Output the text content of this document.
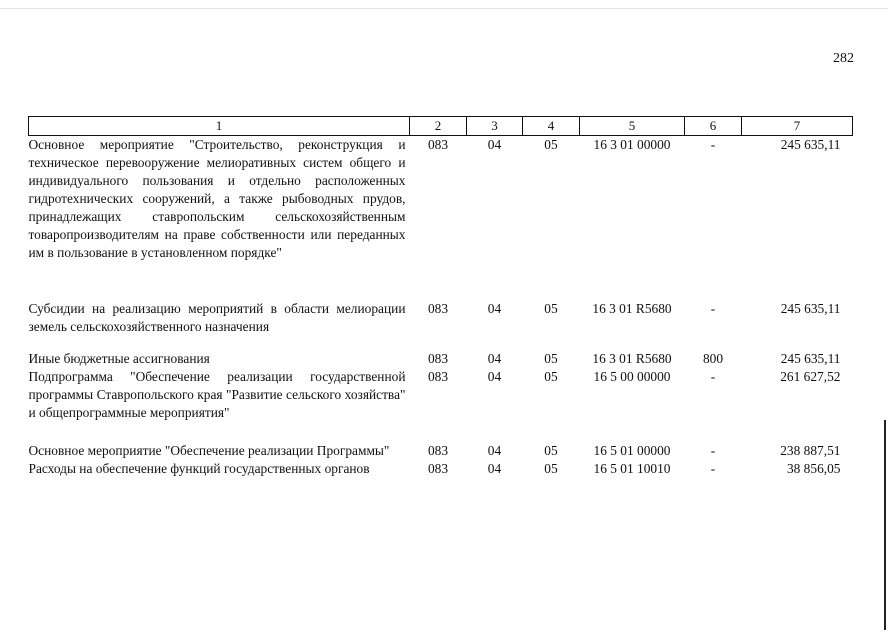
282
1	2	3	4	5	6	7
Основное мероприятие "Строительство, реконструкция и техническое перевооружение мелиоративных систем общего и индивидуального пользования и отдельно расположенных гидротехнических сооружений, а также рыбоводных прудов, принадлежащих ставропольским сельскохозяйственным товаропроизводителям на праве собственности или переданных им в пользование в установленном порядке"	083	04	05	16 3 01 00000	-	245 635,11

Субсидии на реализацию мероприятий в области мелиорации земель сельскохозяйственного назначения	083	04	05	16 3 01 R5680	-	245 635,11

Иные бюджетные ассигнования	083	04	05	16 3 01 R5680	800	245 635,11
Подпрограмма "Обеспечение реализации государственной программы Ставропольского края "Развитие сельского хозяйства" и общепрограммные мероприятия"	083	04	05	16 5 00 00000	-	261 627,52

Основное мероприятие "Обеспечение реализации Программы"	083	04	05	16 5 01 00000	-	238 887,51
Расходы на обеспечение функций государственных органов	083	04	05	16 5 01 10010	-	38 856,05
